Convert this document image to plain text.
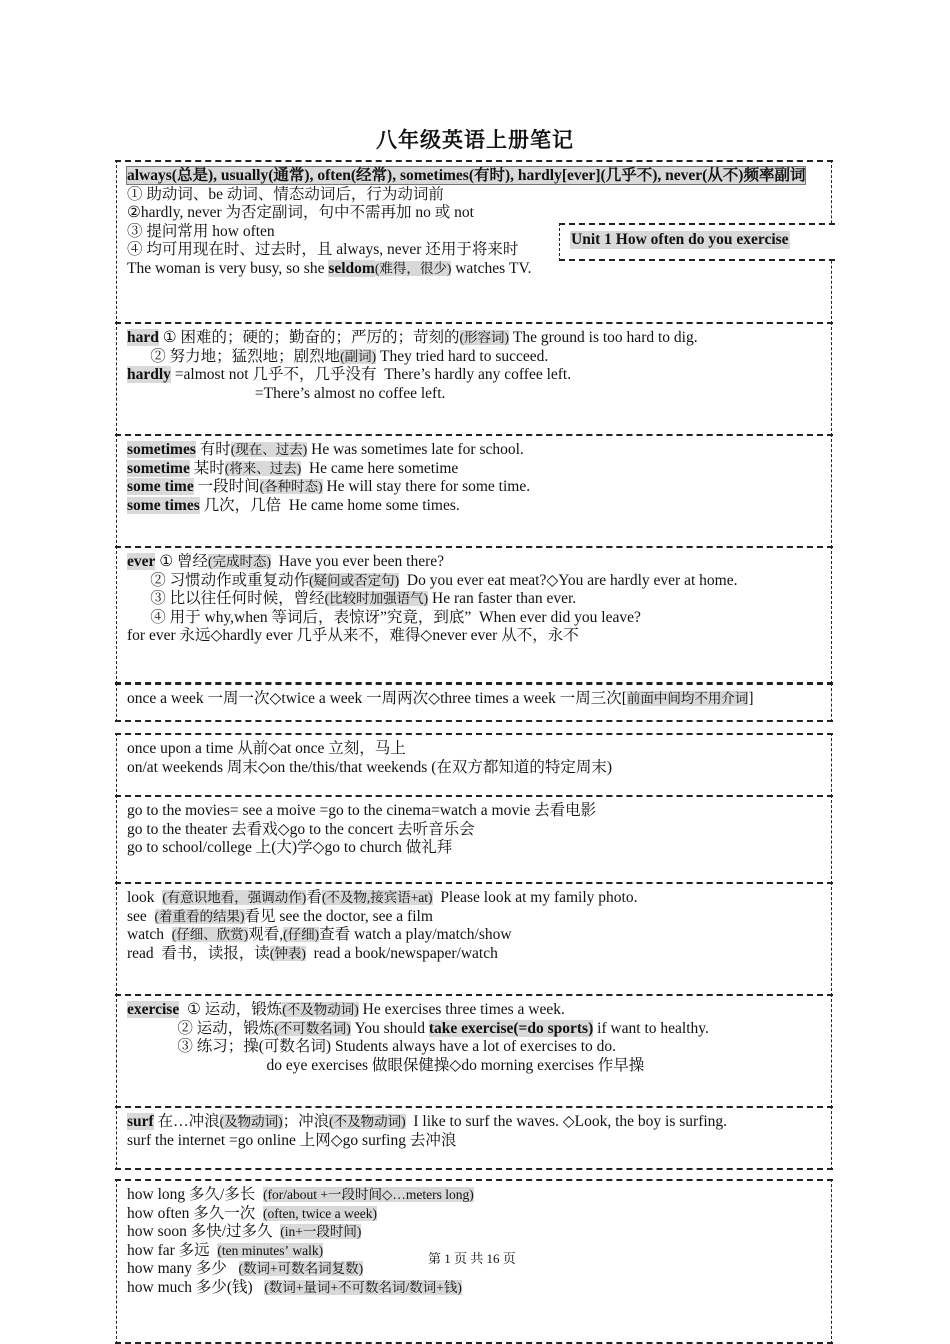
八年级英语上册笔记
always(总是), usually(通常), often(经常), sometimes(有时), hardly[ever](几乎不), never(从不)频率副词
① 助动词、be 动词、情态动词后，行为动词前
②hardly, never 为否定副词，句中不需再加 no 或 not
③ 提问常用 how often
④ 均可用现在时、过去时，且 always, never 还用于将来时
The woman is very busy, so she seldom(难得，很少) watches TV.
hard ① 困难的；硬的；勤奋的；严厉的；苛刻的(形容词) The ground is too hard to dig.
② 努力地；猛烈地；剧烈地(副词) They tried hard to succeed.
hardly =almost not 几乎不，几乎没有  There’s hardly any coffee left.
=There’s almost no coffee left.
sometimes 有时(现在、过去) He was sometimes late for school.
sometime 某时(将来、过去)  He came here sometime
some time 一段时间(各种时态) He will stay there for some time.
some times 几次，几倍  He came home some times.
ever ① 曾经(完成时态)  Have you ever been there?
② 习惯动作或重复动作(疑问或否定句)  Do you ever eat meat?◇You are hardly ever at home.
③ 比以往任何时候，曾经(比较时加强语气) He ran faster than ever.
④ 用于 why,when 等词后，表惊讶”究竟，到底”  When ever did you leave?
for ever 永远◇hardly ever 几乎从来不，难得◇never ever 从不，永不
once a week 一周一次◇twice a week 一周两次◇three times a week 一周三次[前面中间均不用介词]
once upon a time 从前◇at once 立刻，马上
on/at weekends 周末◇on the/this/that weekends (在双方都知道的特定周末)
go to the movies= see a moive =go to the cinema=watch a movie 去看电影
go to the theater 去看戏◇go to the concert 去听音乐会
go to school/college 上(大)学◇go to church 做礼拜
look  (有意识地看，强调动作)看(不及物,接宾语+at)  Please look at my family photo.
see  (着重看的结果)看见 see the doctor, see a film
watch  (仔细、欣赏)观看,(仔细)查看 watch a play/match/show
read  看书，读报，读(钟表)  read a book/newspaper/watch
exercise  ① 运动，锻炼(不及物动词) He exercises three times a week.
② 运动，锻炼(不可数名词) You should take exercise(=do sports) if want to healthy.
③ 练习；操(可数名词) Students always have a lot of exercises to do.
do eye exercises 做眼保健操◇do morning exercises 作早操
surf 在…冲浪(及物动词)；冲浪(不及物动词)  I like to surf the waves. ◇Look, the boy is surfing.
surf the internet =go online 上网◇go surfing 去冲浪
how long 多久/多长  (for/about +一段时间◇…meters long)
how often 多久一次  (often, twice a week)
how soon 多快/过多久  (in+一段时间)
how far 多远  (ten minutes’ walk)
how many 多少   (数词+可数名词复数)
how much 多少(钱)   (数词+量词+不可数名词/数词+钱)
Unit 1 How often do you exercise
第 1 页 共 16 页
